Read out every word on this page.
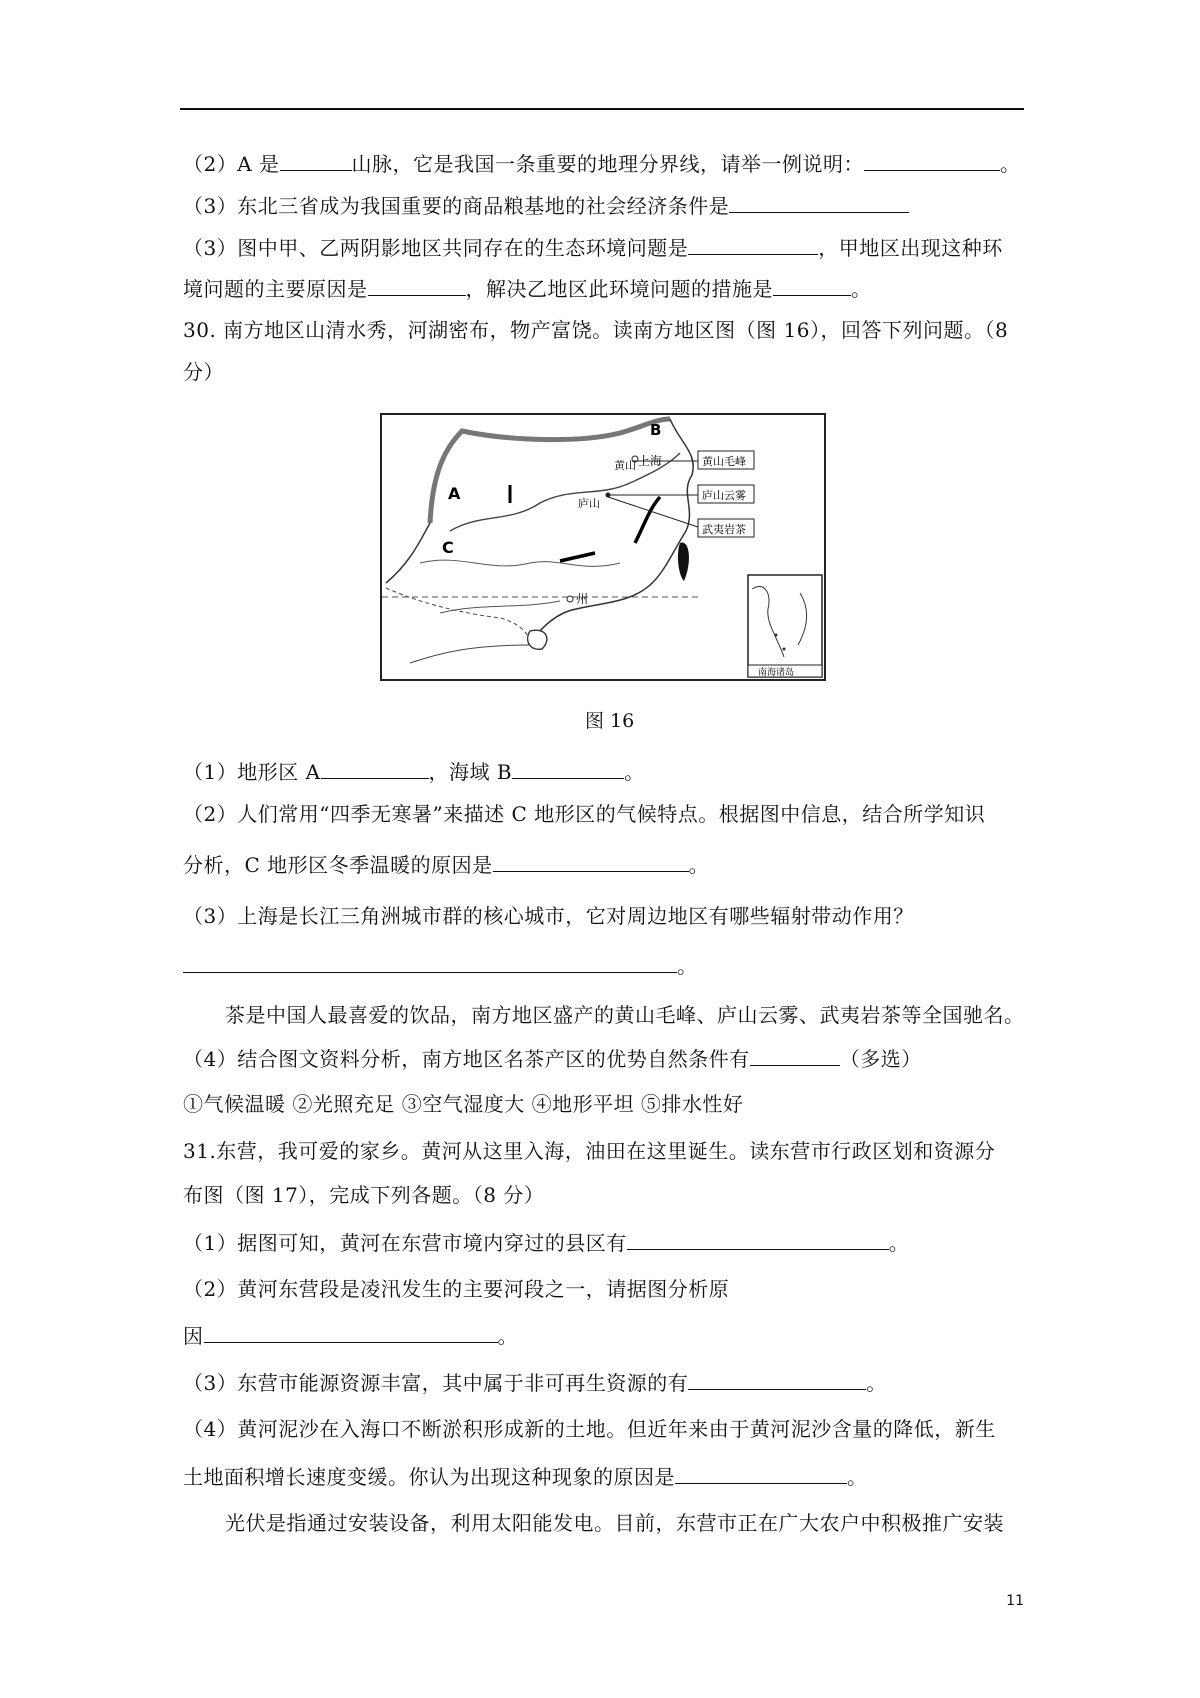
（2）A 是	山脉，它是我国一条重要的地理分界线，请举一例说明：	。
（3）东北三省成为我国重要的商品粮基地的社会经济条件是
（3）图中甲、乙两阴影地区共同存在的生态环境问题是	，甲地区出现这种环
境问题的主要原因是	，解决乙地区此环境问题的措施是	。
30. 南方地区山清水秀，河湖密布，物产富饶。读南方地区图（图 16），回答下列问题。（8
分）
B
A
C
上海
黄山
庐山
州
黄山毛峰
庐山云雾
武夷岩茶
南海诸岛
图 16
（1）地形区 A	，海域 B	。
（2）人们常用“四季无寒暑”来描述 C 地形区的气候特点。根据图中信息，结合所学知识
分析，C 地形区冬季温暖的原因是	。
（3）上海是长江三角洲城市群的核心城市，它对周边地区有哪些辐射带动作用？
。
茶是中国人最喜爱的饮品，南方地区盛产的黄山毛峰、庐山云雾、武夷岩茶等全国驰名。
（4）结合图文资料分析，南方地区名茶产区的优势自然条件有	（多选）
①气候温暖 ②光照充足 ③空气湿度大 ④地形平坦 ⑤排水性好
31.东营，我可爱的家乡。黄河从这里入海，油田在这里诞生。读东营市行政区划和资源分
布图（图 17），完成下列各题。（8 分）
（1）据图可知，黄河在东营市境内穿过的县区有	。
（2）黄河东营段是凌汛发生的主要河段之一，请据图分析原
因	。
（3）东营市能源资源丰富，其中属于非可再生资源的有	。
（4）黄河泥沙在入海口不断淤积形成新的土地。但近年来由于黄河泥沙含量的降低，新生
土地面积增长速度变缓。你认为出现这种现象的原因是	。
光伏是指通过安装设备，利用太阳能发电。目前，东营市正在广大农户中积极推广安装
11
